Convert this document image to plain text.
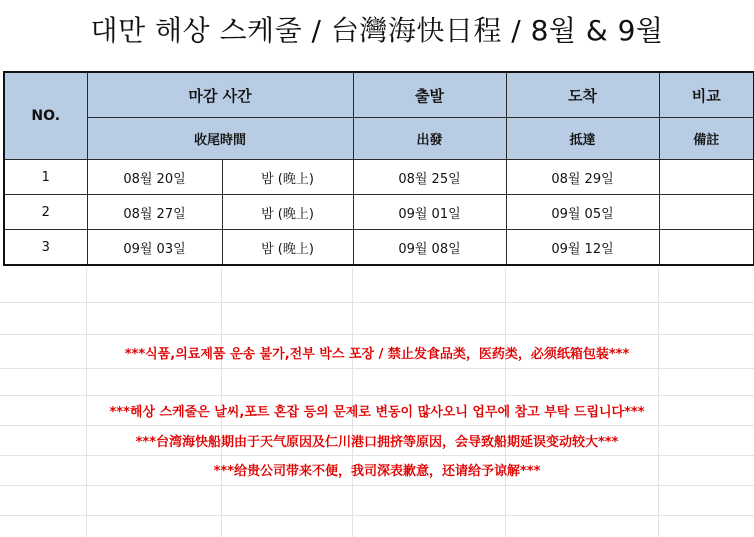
대만 해상 스케줄 / 台灣海快日程 / 8월 & 9월
NO.	마감 사간		출발	도착	비교
	收尾時間		出發	抵達	備註
1	08월 20일	밤 (晚上)	08월 25일	08월 29일	
2	08월 27일	밤 (晚上)	09월 01일	09월 05일	
3	09월 03일	밤 (晚上)	09월 08일	09월 12일	
***식품,의료제품 운송 불가,전부 박스 포장 / 禁止发食品类，医药类，必须纸箱包装***
***해상 스케줄은 날씨,포트 혼잡 등의 문제로 변동이 많사오니 업무에 참고 부탁 드립니다***
***台湾海快船期由于天气原因及仁川港口拥挤等原因，会导致船期延误变动较大***
***给贵公司带来不便，我司深表歉意，还请给予谅解***
